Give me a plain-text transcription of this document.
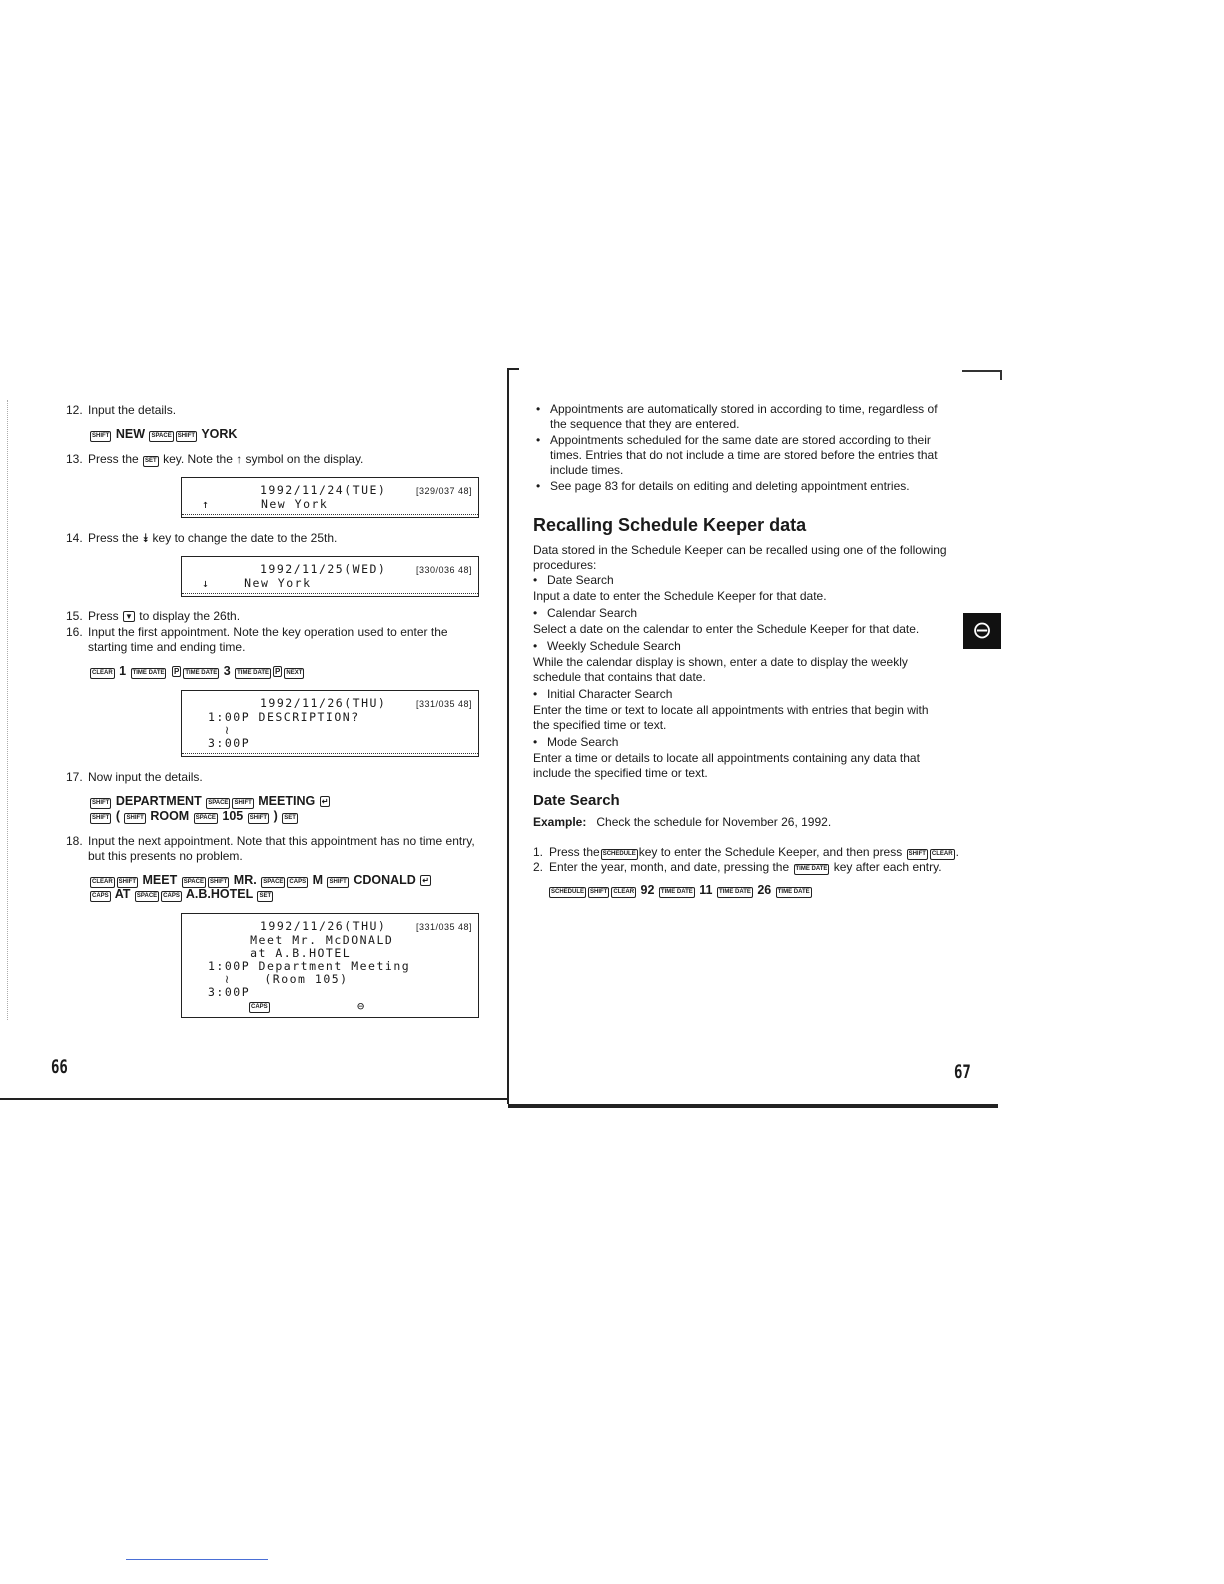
12. Input the details.
SHIFT NEW SPACE SHIFT YORK
13. Press the SET key. Note the ↑ symbol on the display.
1992/11/24(TUE)	[329/037 48]
↑      New York
14. Press the ⯯ key to change the date to the 25th.
1992/11/25(WED)	[330/036 48]
↓    New York
15. Press ▼ to display the 26th.
16. Input the first appointment. Note the key operation used to enter the
starting time and ending time.
CLEAR 1 TIME DATE P TIME DATE 3 TIME DATE P NEXT
1992/11/26(THU)	[331/035 48]
1:00P DESCRIPTION?
≀
3:00P
17. Now input the details.
SHIFT DEPARTMENT SPACE SHIFT MEETING ↵
SHIFT ( SHIFT ROOM SPACE 105 SHIFT ) SET
18. Input the next appointment. Note that this appointment has no time entry,
but this presents no problem.
CLEAR SHIFT MEET SPACE SHIFT MR. SPACE CAPS M SHIFT CDONALD ↵
CAPS AT SPACE CAPS A.B.HOTEL SET
1992/11/26(THU)	[331/035 48]
Meet Mr. McDONALD
at A.B.HOTEL
1:00P Department Meeting
≀    (Room 105)
3:00P
CAPS	⊖
66
• Appointments are automatically stored in according to time, regardless of
the sequence that they are entered.
• Appointments scheduled for the same date are stored according to their
times. Entries that do not include a time are stored before the entries that
include times.
• See page 83 for details on editing and deleting appointment entries.
Recalling Schedule Keeper data
Data stored in the Schedule Keeper can be recalled using one of the following
procedures:
• Date Search
Input a date to enter the Schedule Keeper for that date.
• Calendar Search
Select a date on the calendar to enter the Schedule Keeper for that date.
• Weekly Schedule Search
While the calendar display is shown, enter a date to display the weekly
schedule that contains that date.
• Initial Character Search
Enter the time or text to locate all appointments with entries that begin with
the specified time or text.
• Mode Search
Enter a time or details to locate all appointments containing any data that
include the specified time or text.
Date Search
Example: Check the schedule for November 26, 1992.
1. Press the SCHEDULE key to enter the Schedule Keeper, and then press SHIFT CLEAR .
2. Enter the year, month, and date, pressing the TIME DATE key after each entry.
SCHEDULE SHIFT CLEAR 92 TIME DATE 11 TIME DATE 26 TIME DATE
⊖
67
